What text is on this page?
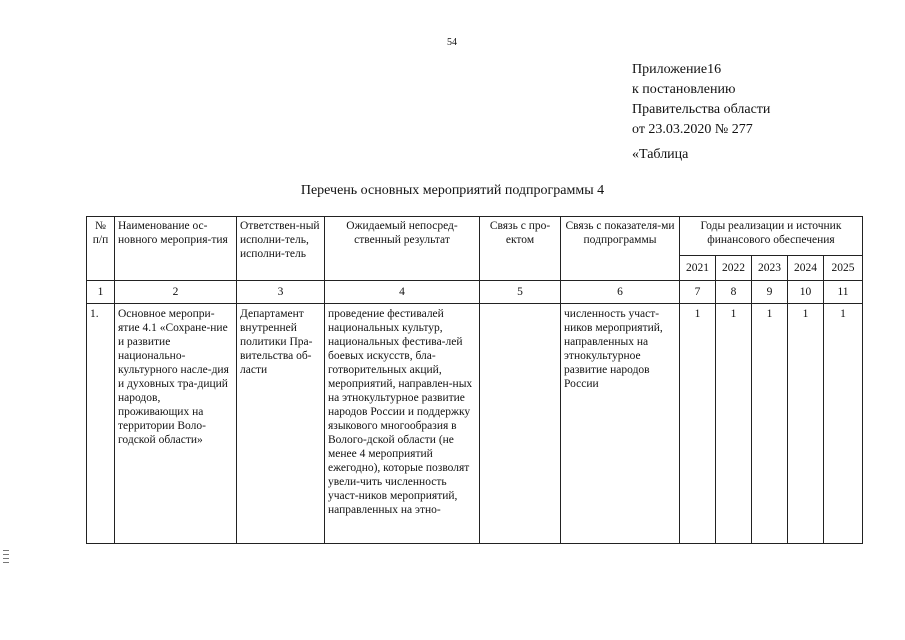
54
Приложение16
к постановлению
Правительства области
от 23.03.2020 № 277
«Таблица
Перечень основных мероприятий подпрограммы 4
№ п/п	Наименование ос-новного мероприя-тия	Ответствен-ный исполни-тель, исполни-тель	Ожидаемый непосред-ственный результат	Связь с про-ектом	Связь с показателя-ми подпрограммы	Годы реализации и источник финансового обеспечения				
						2021	2022	2023	2024	2025
1	2	3	4	5	6	7	8	9	10	11
1.	Основное меропри-ятие 4.1 «Сохране-ние и развитие национально-культурного насле-дия и духовных тра-диций народов, проживающих на территории Воло-годской области»	Департамент внутренней политики Пра-вительства об-ласти	проведение фестивалей национальных культур, национальных фестива-лей боевых искусств, бла-готворительных акций, мероприятий, направлен-ных на этнокультурное развитие народов России и поддержку языкового многообразия в Волого-дской области (не менее 4 мероприятий ежегодно), которые позволят увели-чить численность участ-ников мероприятий, направленных на этно-		численность участ-ников мероприятий, направленных на этнокультурное развитие народов России	1	1	1	1	1
